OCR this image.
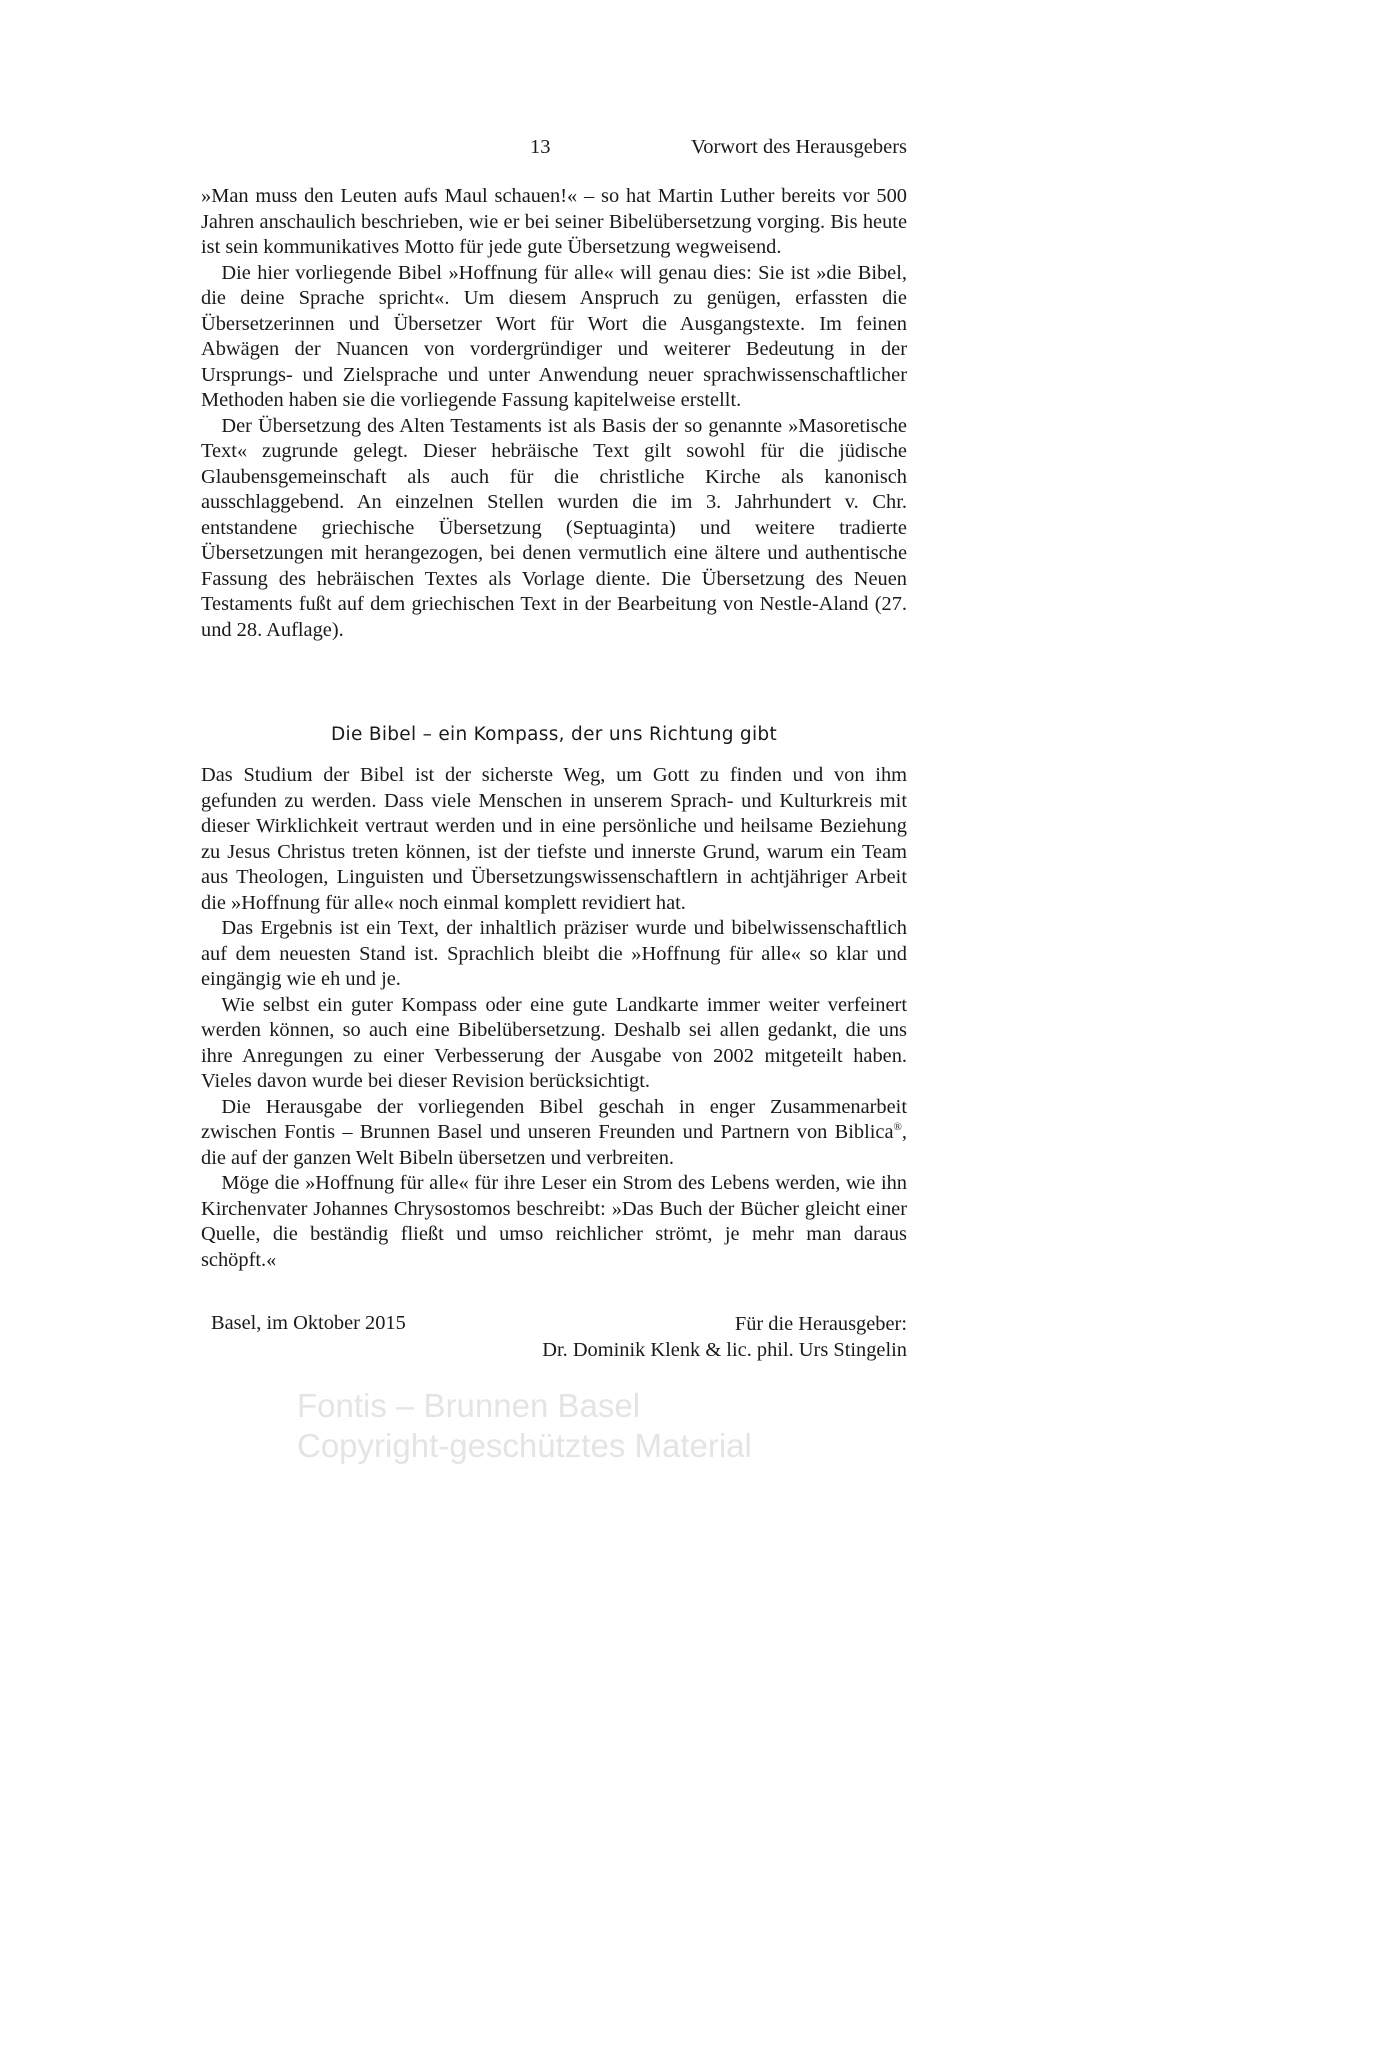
13	Vorwort des Herausgebers

»Man muss den Leuten aufs Maul schauen!« – so hat Martin Luther bereits vor 500 Jahren anschaulich beschrieben, wie er bei seiner Bibelübersetzung vorging. Bis heute ist sein kommunikatives Motto für jede gute Übersetzung wegweisend.

Die hier vorliegende Bibel »Hoffnung für alle« will genau dies: Sie ist »die Bibel, die deine Sprache spricht«. Um diesem Anspruch zu genügen, erfassten die Übersetzerinnen und Übersetzer Wort für Wort die Ausgangstexte. Im feinen Abwägen der Nuancen von vordergründiger und weiterer Bedeutung in der Ursprungs- und Zielsprache und unter Anwendung neuer sprachwissenschaftlicher Methoden haben sie die vorliegende Fassung kapitelweise erstellt.

Der Übersetzung des Alten Testaments ist als Basis der so genannte »Masoretische Text« zugrunde gelegt. Dieser hebräische Text gilt sowohl für die jüdische Glaubensgemeinschaft als auch für die christliche Kirche als kanonisch ausschlaggebend. An einzelnen Stellen wurden die im 3. Jahrhundert v. Chr. entstandene griechische Übersetzung (Septuaginta) und weitere tradierte Übersetzungen mit herangezogen, bei denen vermutlich eine ältere und authentische Fassung des hebräischen Textes als Vorlage diente. Die Übersetzung des Neuen Testaments fußt auf dem griechischen Text in der Bearbeitung von Nestle-Aland (27. und 28. Auflage).

Die Bibel – ein Kompass, der uns Richtung gibt

Das Studium der Bibel ist der sicherste Weg, um Gott zu finden und von ihm gefunden zu werden. Dass viele Menschen in unserem Sprach- und Kulturkreis mit dieser Wirklichkeit vertraut werden und in eine persönliche und heilsame Beziehung zu Jesus Christus treten können, ist der tiefste und innerste Grund, warum ein Team aus Theologen, Linguisten und Übersetzungswissenschaftlern in achtjähriger Arbeit die »Hoffnung für alle« noch einmal komplett revidiert hat.

Das Ergebnis ist ein Text, der inhaltlich präziser wurde und bibelwissenschaftlich auf dem neuesten Stand ist. Sprachlich bleibt die »Hoffnung für alle« so klar und eingängig wie eh und je.

Wie selbst ein guter Kompass oder eine gute Landkarte immer weiter verfeinert werden können, so auch eine Bibelübersetzung. Deshalb sei allen gedankt, die uns ihre Anregungen zu einer Verbesserung der Ausgabe von 2002 mitgeteilt haben. Vieles davon wurde bei dieser Revision berücksichtigt.

Die Herausgabe der vorliegenden Bibel geschah in enger Zusammenarbeit zwischen Fontis – Brunnen Basel und unseren Freunden und Partnern von Biblica®, die auf der ganzen Welt Bibeln übersetzen und verbreiten.

Möge die »Hoffnung für alle« für ihre Leser ein Strom des Lebens werden, wie ihn Kirchenvater Johannes Chrysostomos beschreibt: »Das Buch der Bücher gleicht einer Quelle, die beständig fließt und umso reichlicher strömt, je mehr man daraus schöpft.«

Basel, im Oktober 2015	Für die Herausgeber:
Dr. Dominik Klenk & lic. phil. Urs Stingelin
Fontis – Brunnen Basel
Copyright-geschütztes Material
